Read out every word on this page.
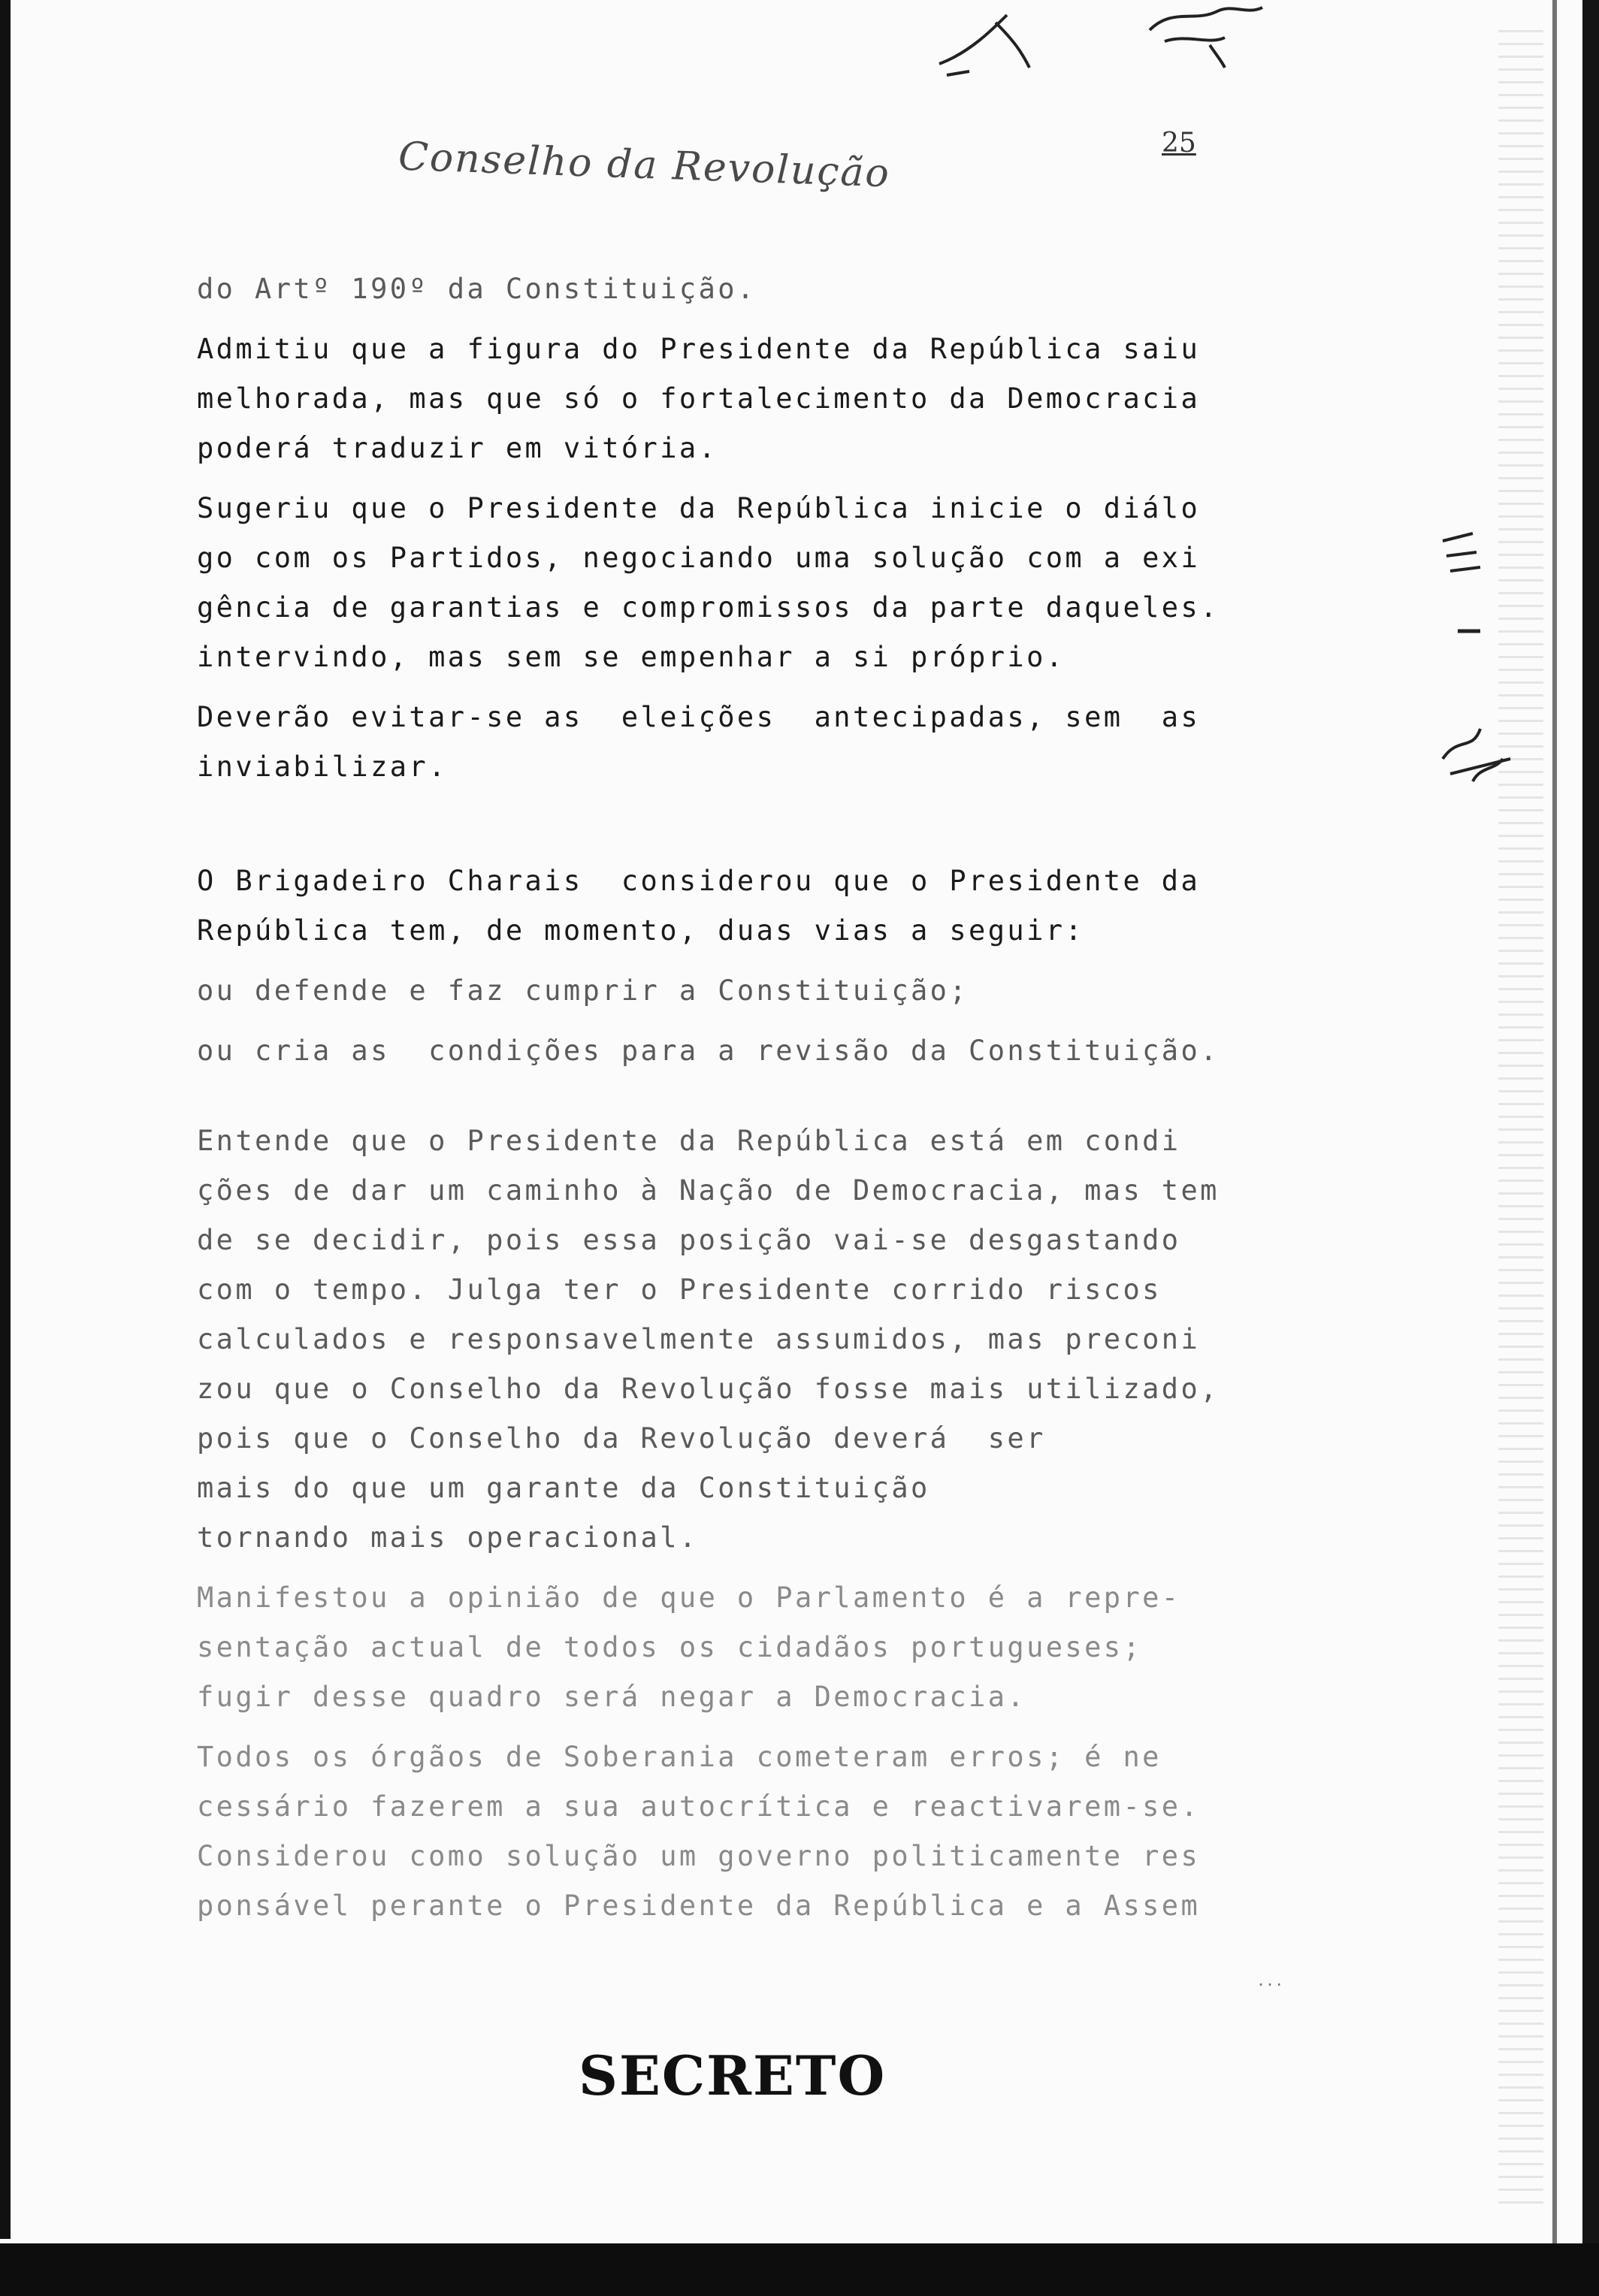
Conselho da Revolução	25

do Artº 190º da Constituição.

Admitiu que a figura do Presidente da República saiu
melhorada, mas que só o fortalecimento da Democracia
poderá traduzir em vitória.

Sugeriu que o Presidente da República inicie o diálo
go com os Partidos, negociando uma solução com a exi
gência de garantias e compromissos da parte daqueles.
intervindo, mas sem se empenhar a si próprio.

Deverão evitar-se as  eleições  antecipadas, sem  as
inviabilizar.

O Brigadeiro Charais  considerou que o Presidente da
República tem, de momento, duas vias a seguir:

ou defende e faz cumprir a Constituição;

ou cria as  condições para a revisão da Constituição.

Entende que o Presidente da República está em condi
ções de dar um caminho à Nação de Democracia, mas tem
de se decidir, pois essa posição vai-se desgastando
com o tempo. Julga ter o Presidente corrido riscos
calculados e responsavelmente assumidos, mas preconi
zou que o Conselho da Revolução fosse mais utilizado,
pois que o Conselho da Revolução deverá  ser
mais do que um garante da Constituição
tornando mais operacional.

Manifestou a opinião de que o Parlamento é a repre-
sentação actual de todos os cidadãos portugueses;
fugir desse quadro será negar a Democracia.

Todos os órgãos de Soberania cometeram erros; é ne
cessário fazerem a sua autocrítica e reactivarem-se.
Considerou como solução um governo politicamente res
ponsável perante o Presidente da República e a Assem

...
SECRETO
